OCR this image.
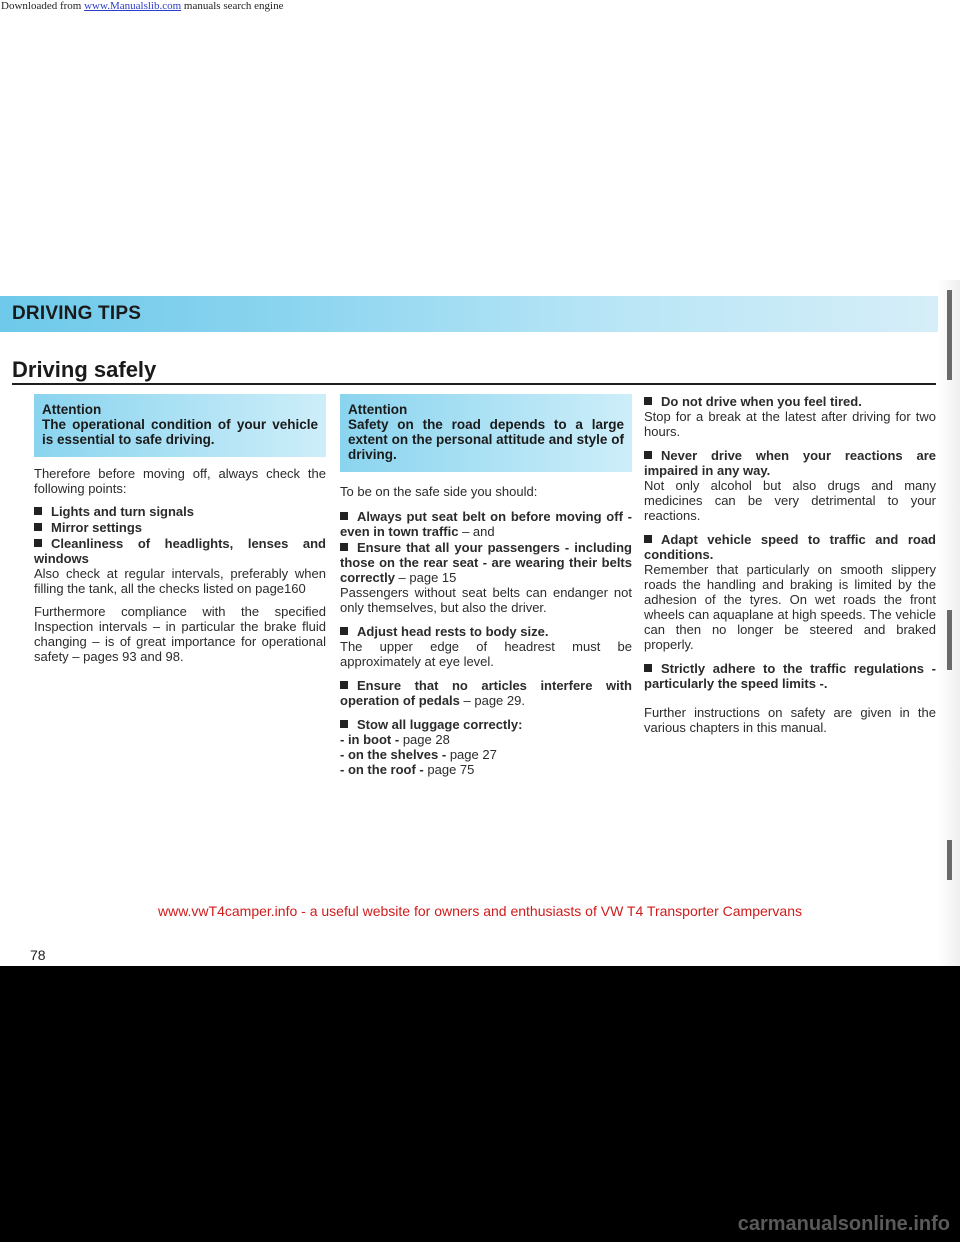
Downloaded from www.Manualslib.com manuals search engine
DRIVING TIPS
Driving safely

Attention

The operational condition of your vehicle is essential to safe driving.

Therefore before moving off, always check the following points:

Lights and turn signals
Mirror settings
Cleanliness of headlights, lenses and windows

Also check at regular intervals, preferably when filling the tank, all the checks listed on page160

Furthermore compliance with the specified Inspection intervals – in particular the brake fluid changing – is of great importance for operational safety – pages 93 and 98.

Attention

Safety on the road depends to a large extent on the personal attitude and style of driving.

To be on the safe side you should:

Always put seat belt on before moving off - even in town traffic – and
Ensure that all your passengers - including those on the rear seat - are wearing their belts correctly – page 15
Passengers without seat belts can endanger not only themselves, but also the driver.
Adjust head rests to body size.
The upper edge of headrest must be approximately at eye level.
Ensure that no articles interfere with operation of pedals – page 29.
Stow all luggage correctly:

- in boot - page 28

- on the shelves - page 27

- on the roof - page 75

Do not drive when you feel tired.
Stop for a break at the latest after driving for two hours.
Never drive when your reactions are impaired in any way.
Not only alcohol but also drugs and many medicines can be very detrimental to your reactions.
Adapt vehicle speed to traffic and road conditions.
Remember that particularly on smooth slippery roads the handling and braking is limited by the adhesion of the tyres. On wet roads the front wheels can aquaplane at high speeds. The vehicle can then no longer be steered and braked properly.
Strictly adhere to the traffic regulations - particularly the speed limits -.

Further instructions on safety are given in the various chapters in this manual.

www.vwT4camper.info - a useful website for owners and enthusiasts of VW T4 Transporter Campervans
78
carmanualsonline.info
